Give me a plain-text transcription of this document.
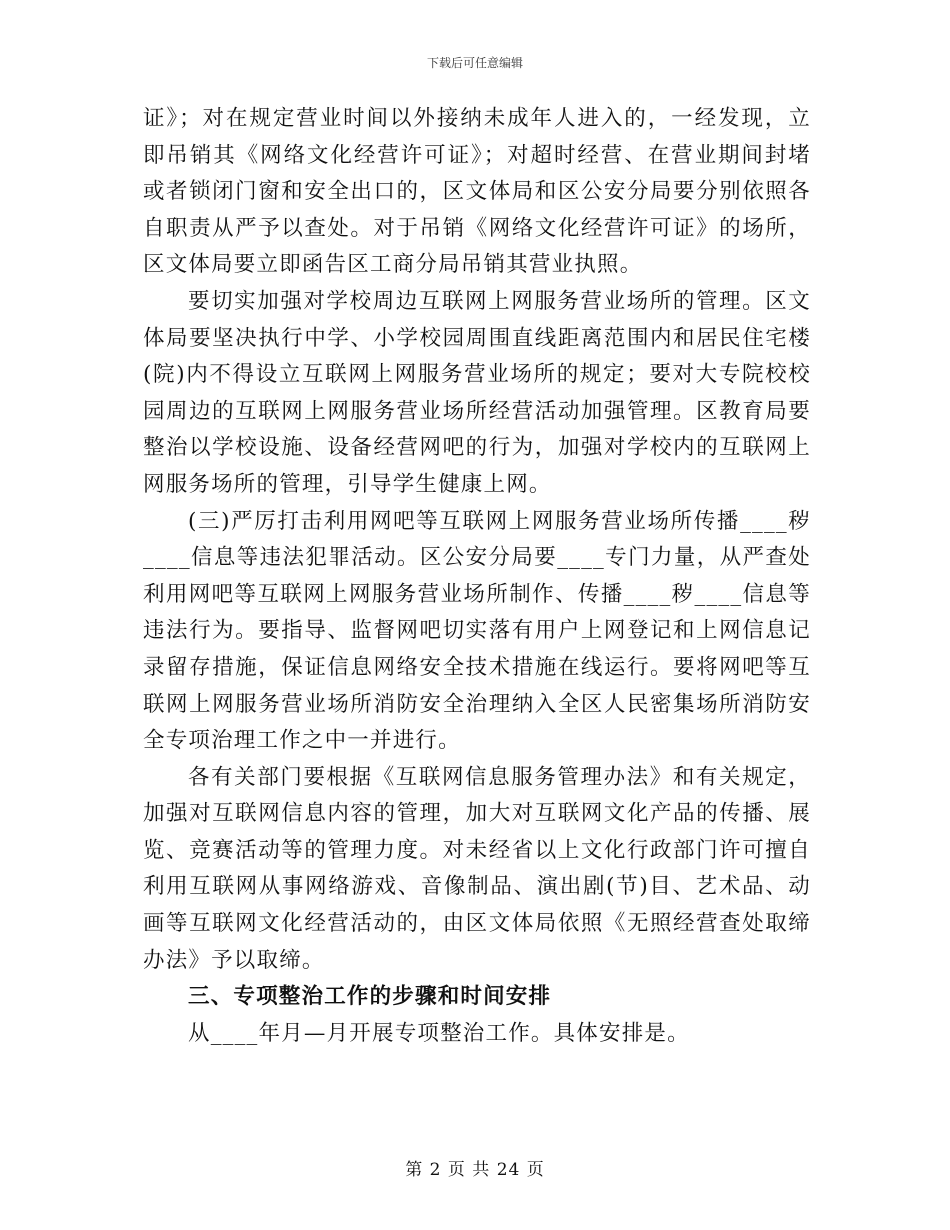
下载后可任意编辑

证》；对在规定营业时间以外接纳未成年人进入的，一经发现，立即吊销其《网络文化经营许可证》；对超时经营、在营业期间封堵或者锁闭门窗和安全出口的，区文体局和区公安分局要分别依照各自职责从严予以查处。对于吊销《网络文化经营许可证》的场所，区文体局要立即函告区工商分局吊销其营业执照。

要切实加强对学校周边互联网上网服务营业场所的管理。区文体局要坚决执行中学、小学校园周围直线距离范围内和居民住宅楼(院)内不得设立互联网上网服务营业场所的规定；要对大专院校校园周边的互联网上网服务营业场所经营活动加强管理。区教育局要整治以学校设施、设备经营网吧的行为，加强对学校内的互联网上网服务场所的管理，引导学生健康上网。

(三)严厉打击利用网吧等互联网上网服务营业场所传播____秽____信息等违法犯罪活动。区公安分局要____专门力量，从严查处利用网吧等互联网上网服务营业场所制作、传播____秽____信息等违法行为。要指导、监督网吧切实落有用户上网登记和上网信息记录留存措施，保证信息网络安全技术措施在线运行。要将网吧等互联网上网服务营业场所消防安全治理纳入全区人民密集场所消防安全专项治理工作之中一并进行。

各有关部门要根据《互联网信息服务管理办法》和有关规定，加强对互联网信息内容的管理，加大对互联网文化产品的传播、展览、竞赛活动等的管理力度。对未经省以上文化行政部门许可擅自利用互联网从事网络游戏、音像制品、演出剧(节)目、艺术品、动画等互联网文化经营活动的，由区文体局依照《无照经营查处取缔办法》予以取缔。

三、专项整治工作的步骤和时间安排

从____年月—月开展专项整治工作。具体安排是。

第 2 页 共 24 页
